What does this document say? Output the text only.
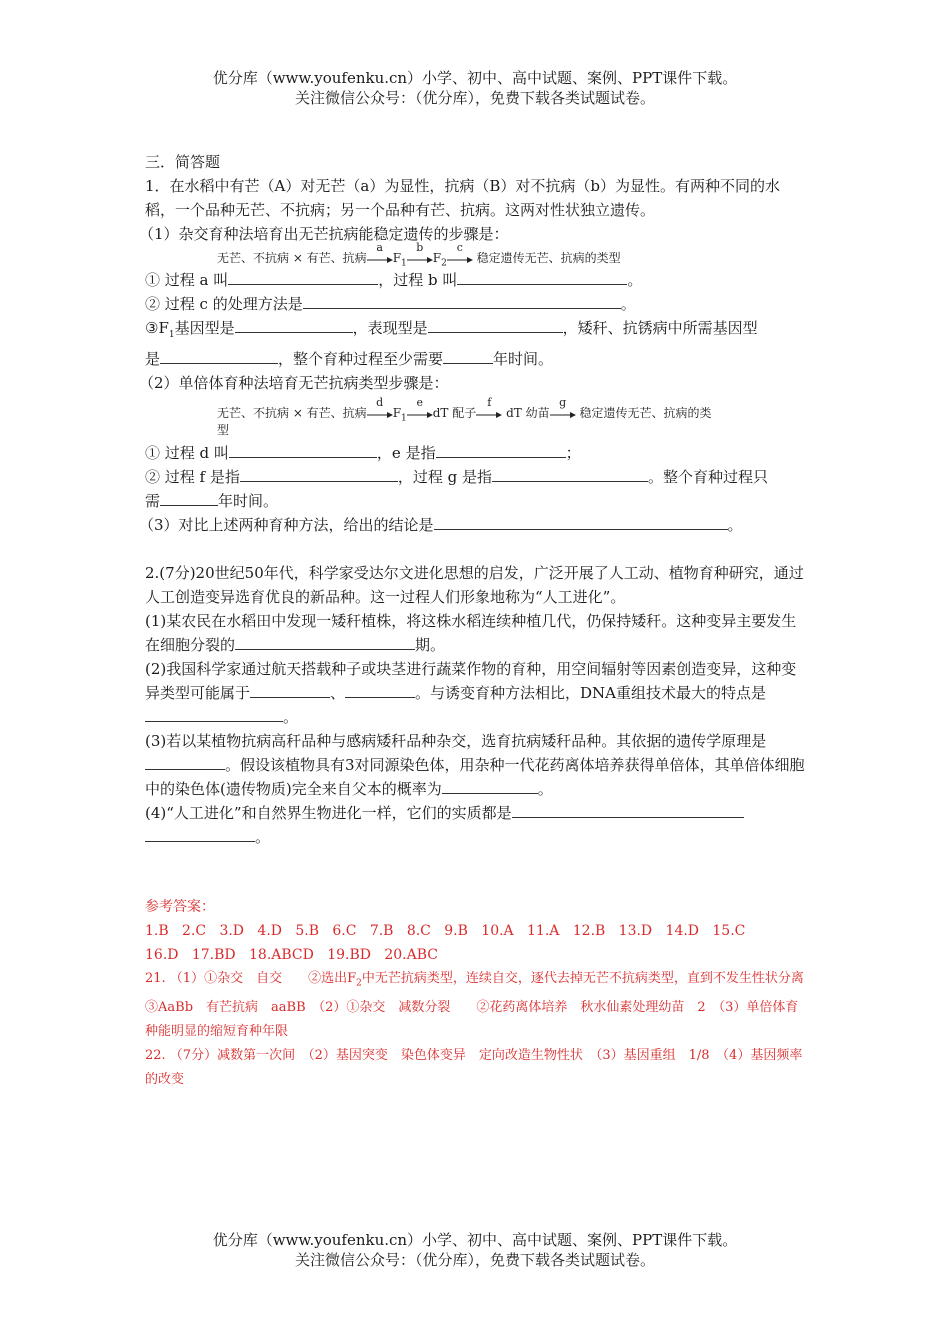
优分库（www.youfenku.cn）小学、初中、高中试题、案例、PPT课件下载。
关注微信公众号：（优分库），免费下载各类试题试卷。
三．简答题
1．在水稻中有芒（A）对无芒（a）为显性，抗病（B）对不抗病（b）为显性。有两种不同的水稻，一个品种无芒、不抗病；另一个品种有芒、抗病。这两对性状独立遗传。
（1）杂交育种法培育出无芒抗病能稳定遗传的步骤是：
无芒、不抗病 × 有芒、抗病
a
$F_1$
b
$F_2$
c
稳定遗传无芒、抗病的类型
① 过程 a 叫	，过程 b 叫	。
② 过程 c 的处理方法是	。
$③F_1$基因型是	，表现型是	，矮秆、抗锈病中所需基因型
是	，整个育种过程至少需要	年时间。
（2）单倍体育种法培育无芒抗病类型步骤是：
无芒、不抗病 × 有芒、抗病
d
$F_1$
e
dT 配子
f
dT 幼苗
g
稳定遗传无芒、抗病的类
型
① 过程 d 叫	，e 是指	；
② 过程 f 是指	，过程 g 是指	。整个育种过程只
需	年时间。
（3）对比上述两种育种方法，给出的结论是	。
2.(7分)20世纪50年代，科学家受达尔文进化思想的启发，广泛开展了人工动、植物育种研究，通过人工创造变异选育优良的新品种。这一过程人们形象地称为“人工进化”。
(1)某农民在水稻田中发现一矮秆植株，将这株水稻连续种植几代，仍保持矮秆。这种变异主要发生在细胞分裂的	期。
(2)我国科学家通过航天搭载种子或块茎进行蔬菜作物的育种，用空间辐射等因素创造变异，这种变异类型可能属于	、	。与诱变育种方法相比，DNA重组技术最大的特点是。
(3)若以某植物抗病高秆品种与感病矮秆品种杂交，选育抗病矮秆品种。其依据的遗传学原理是。假设该植物具有3对同源染色体，用杂种一代花药离体培养获得单倍体，其单倍体细胞中的染色体(遗传物质)完全来自父本的概率为	。
(4)“人工进化”和自然界生物进化一样，它们的实质都是
。
参考答案：
1.B 2.C 3.D 4.D 5.B 6.C 7.B 8.C 9.B 10.A 11.A 12.B 13.D 14.D 15.C
16.D 17.BD 18.ABCD 19.BD 20.ABC
21. （1）①杂交　自交　　②选出$F_2$中无芒抗病类型，连续自交，逐代去掉无芒不抗病类型，直到不发生性状分离　　③AaBb　有芒抗病　aaBB　（2）①杂交　减数分裂　　②花药离体培养　秋水仙素处理幼苗　2　（3）单倍体育种能明显的缩短育种年限
22. （7分）减数第一次间　（2）基因突变　染色体变异　定向改造生物性状　（3）基因重组　1/8　（4）基因频率的改变
优分库（www.youfenku.cn）小学、初中、高中试题、案例、PPT课件下载。
关注微信公众号：（优分库），免费下载各类试题试卷。
